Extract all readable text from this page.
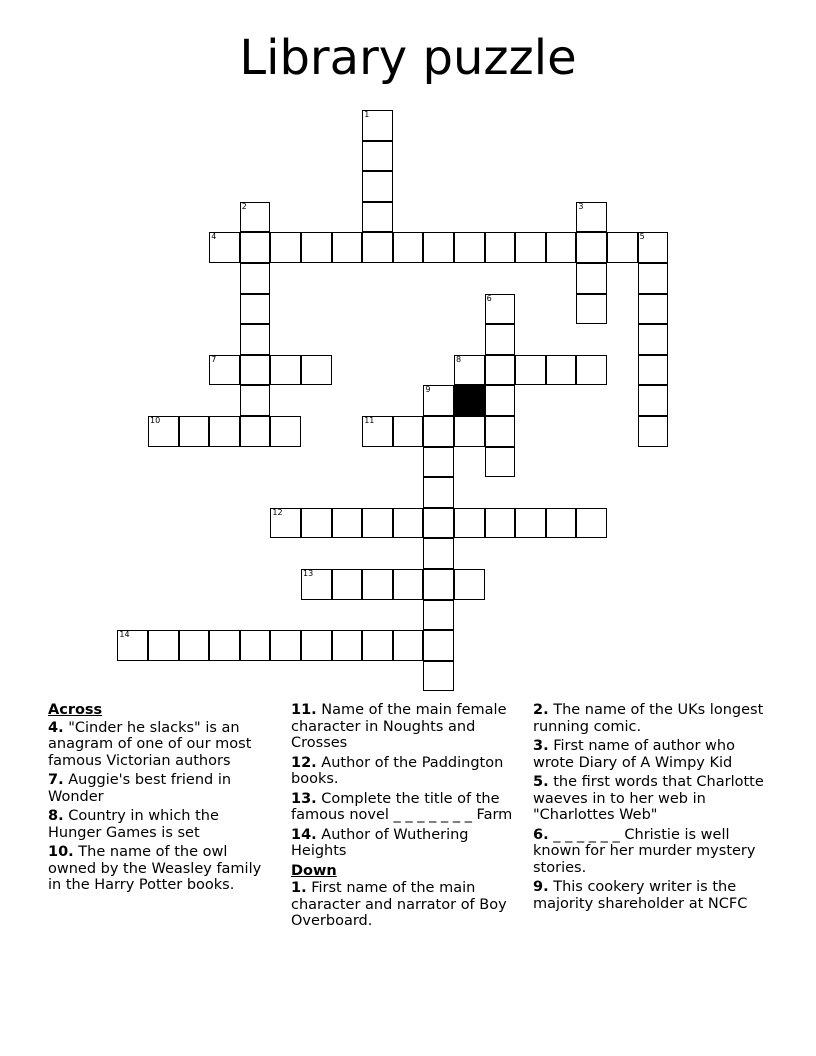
Library puzzle
1
2	3
4	5
6
7	8
9
10	11
12
13
14
Across
4. "Cinder he slacks" is an anagram of one of our most famous Victorian authors
7. Auggie's best friend in Wonder
8. Country in which the Hunger Games is set
10. The name of the owl owned by the Weasley family in the Harry Potter books.
11. Name of the main female character in Noughts and Crosses
12. Author of the Paddington books.
13. Complete the title of the famous novel _ _ _ _ _ _ _ Farm
14. Author of Wuthering Heights
Down
1. First name of the main character and narrator of Boy Overboard.
2. The name of the UKs longest running comic.
3. First name of author who wrote Diary of A Wimpy Kid
5. the first words that Charlotte waeves in to her web in "Charlottes Web"
6. _ _ _ _ _ _ Christie is well known for her murder mystery stories.
9. This cookery writer is the majority shareholder at NCFC
